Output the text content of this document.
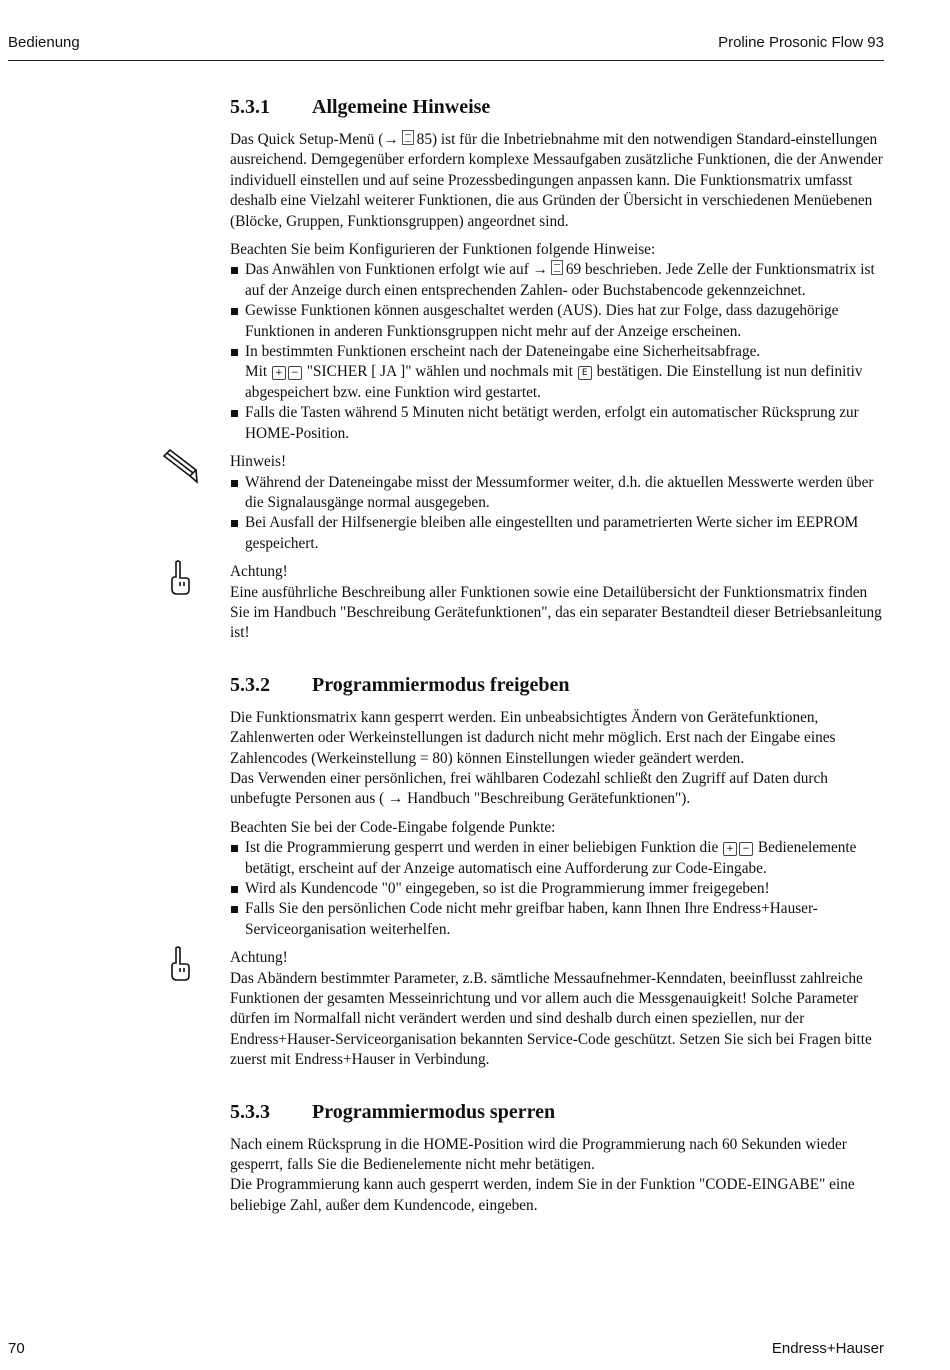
Bedienung	Proline Prosonic Flow 93
5.3.1 Allgemeine Hinweise

Das Quick Setup-Menü (→ 85) ist für die Inbetriebnahme mit den notwendigen Standard-einstellungen ausreichend. Demgegenüber erfordern komplexe Messaufgaben zusätzliche Funktionen, die der Anwender individuell einstellen und auf seine Prozessbedingungen anpassen kann. Die Funktionsmatrix umfasst deshalb eine Vielzahl weiterer Funktionen, die aus Gründen der Übersicht in verschiedenen Menüebenen (Blöcke, Gruppen, Funktionsgruppen) angeordnet sind.

Beachten Sie beim Konfigurieren der Funktionen folgende Hinweise:

Das Anwählen von Funktionen erfolgt wie auf → 69 beschrieben. Jede Zelle der Funktionsmatrix ist auf der Anzeige durch einen entsprechenden Zahlen- oder Buchstabencode gekennzeichnet.
Gewisse Funktionen können ausgeschaltet werden (AUS). Dies hat zur Folge, dass dazugehörige Funktionen in anderen Funktionsgruppen nicht mehr auf der Anzeige erscheinen.
In bestimmten Funktionen erscheint nach der Dateneingabe eine Sicherheitsabfrage.
Mit + − "SICHER [ JA ]" wählen und nochmals mit E bestätigen. Die Einstellung ist nun definitiv abgespeichert bzw. eine Funktion wird gestartet.
Falls die Tasten während 5 Minuten nicht betätigt werden, erfolgt ein automatischer Rücksprung zur HOME-Position.
Hinweis!
Während der Dateneingabe misst der Messumformer weiter, d.h. die aktuellen Messwerte werden über die Signalausgänge normal ausgegeben.
Bei Ausfall der Hilfsenergie bleiben alle eingestellten und parametrierten Werte sicher im EEPROM gespeichert.
Achtung!

Eine ausführliche Beschreibung aller Funktionen sowie eine Detailübersicht der Funktionsmatrix finden Sie im Handbuch "Beschreibung Gerätefunktionen", das ein separater Bestandteil dieser Betriebsanleitung ist!

5.3.2 Programmiermodus freigeben

Die Funktionsmatrix kann gesperrt werden. Ein unbeabsichtigtes Ändern von Gerätefunktionen, Zahlenwerten oder Werkeinstellungen ist dadurch nicht mehr möglich. Erst nach der Eingabe eines Zahlencodes (Werkeinstellung = 80) können Einstellungen wieder geändert werden.

Das Verwenden einer persönlichen, frei wählbaren Codezahl schließt den Zugriff auf Daten durch unbefugte Personen aus ( → Handbuch "Beschreibung Gerätefunktionen").

Beachten Sie bei der Code-Eingabe folgende Punkte:

Ist die Programmierung gesperrt und werden in einer beliebigen Funktion die + − Bedienelemente betätigt, erscheint auf der Anzeige automatisch eine Aufforderung zur Code-Eingabe.
Wird als Kundencode "0" eingegeben, so ist die Programmierung immer freigegeben!
Falls Sie den persönlichen Code nicht mehr greifbar haben, kann Ihnen Ihre Endress+Hauser-Serviceorganisation weiterhelfen.
Achtung!

Das Abändern bestimmter Parameter, z.B. sämtliche Messaufnehmer-Kenndaten, beeinflusst zahlreiche Funktionen der gesamten Messeinrichtung und vor allem auch die Messgenauigkeit! Solche Parameter dürfen im Normalfall nicht verändert werden und sind deshalb durch einen speziellen, nur der Endress+Hauser-Serviceorganisation bekannten Service-Code geschützt. Setzen Sie sich bei Fragen bitte zuerst mit Endress+Hauser in Verbindung.

5.3.3 Programmiermodus sperren

Nach einem Rücksprung in die HOME-Position wird die Programmierung nach 60 Sekunden wieder gesperrt, falls Sie die Bedienelemente nicht mehr betätigen.

Die Programmierung kann auch gesperrt werden, indem Sie in der Funktion "CODE-EINGABE" eine beliebige Zahl, außer dem Kundencode, eingeben.

70	Endress+Hauser
